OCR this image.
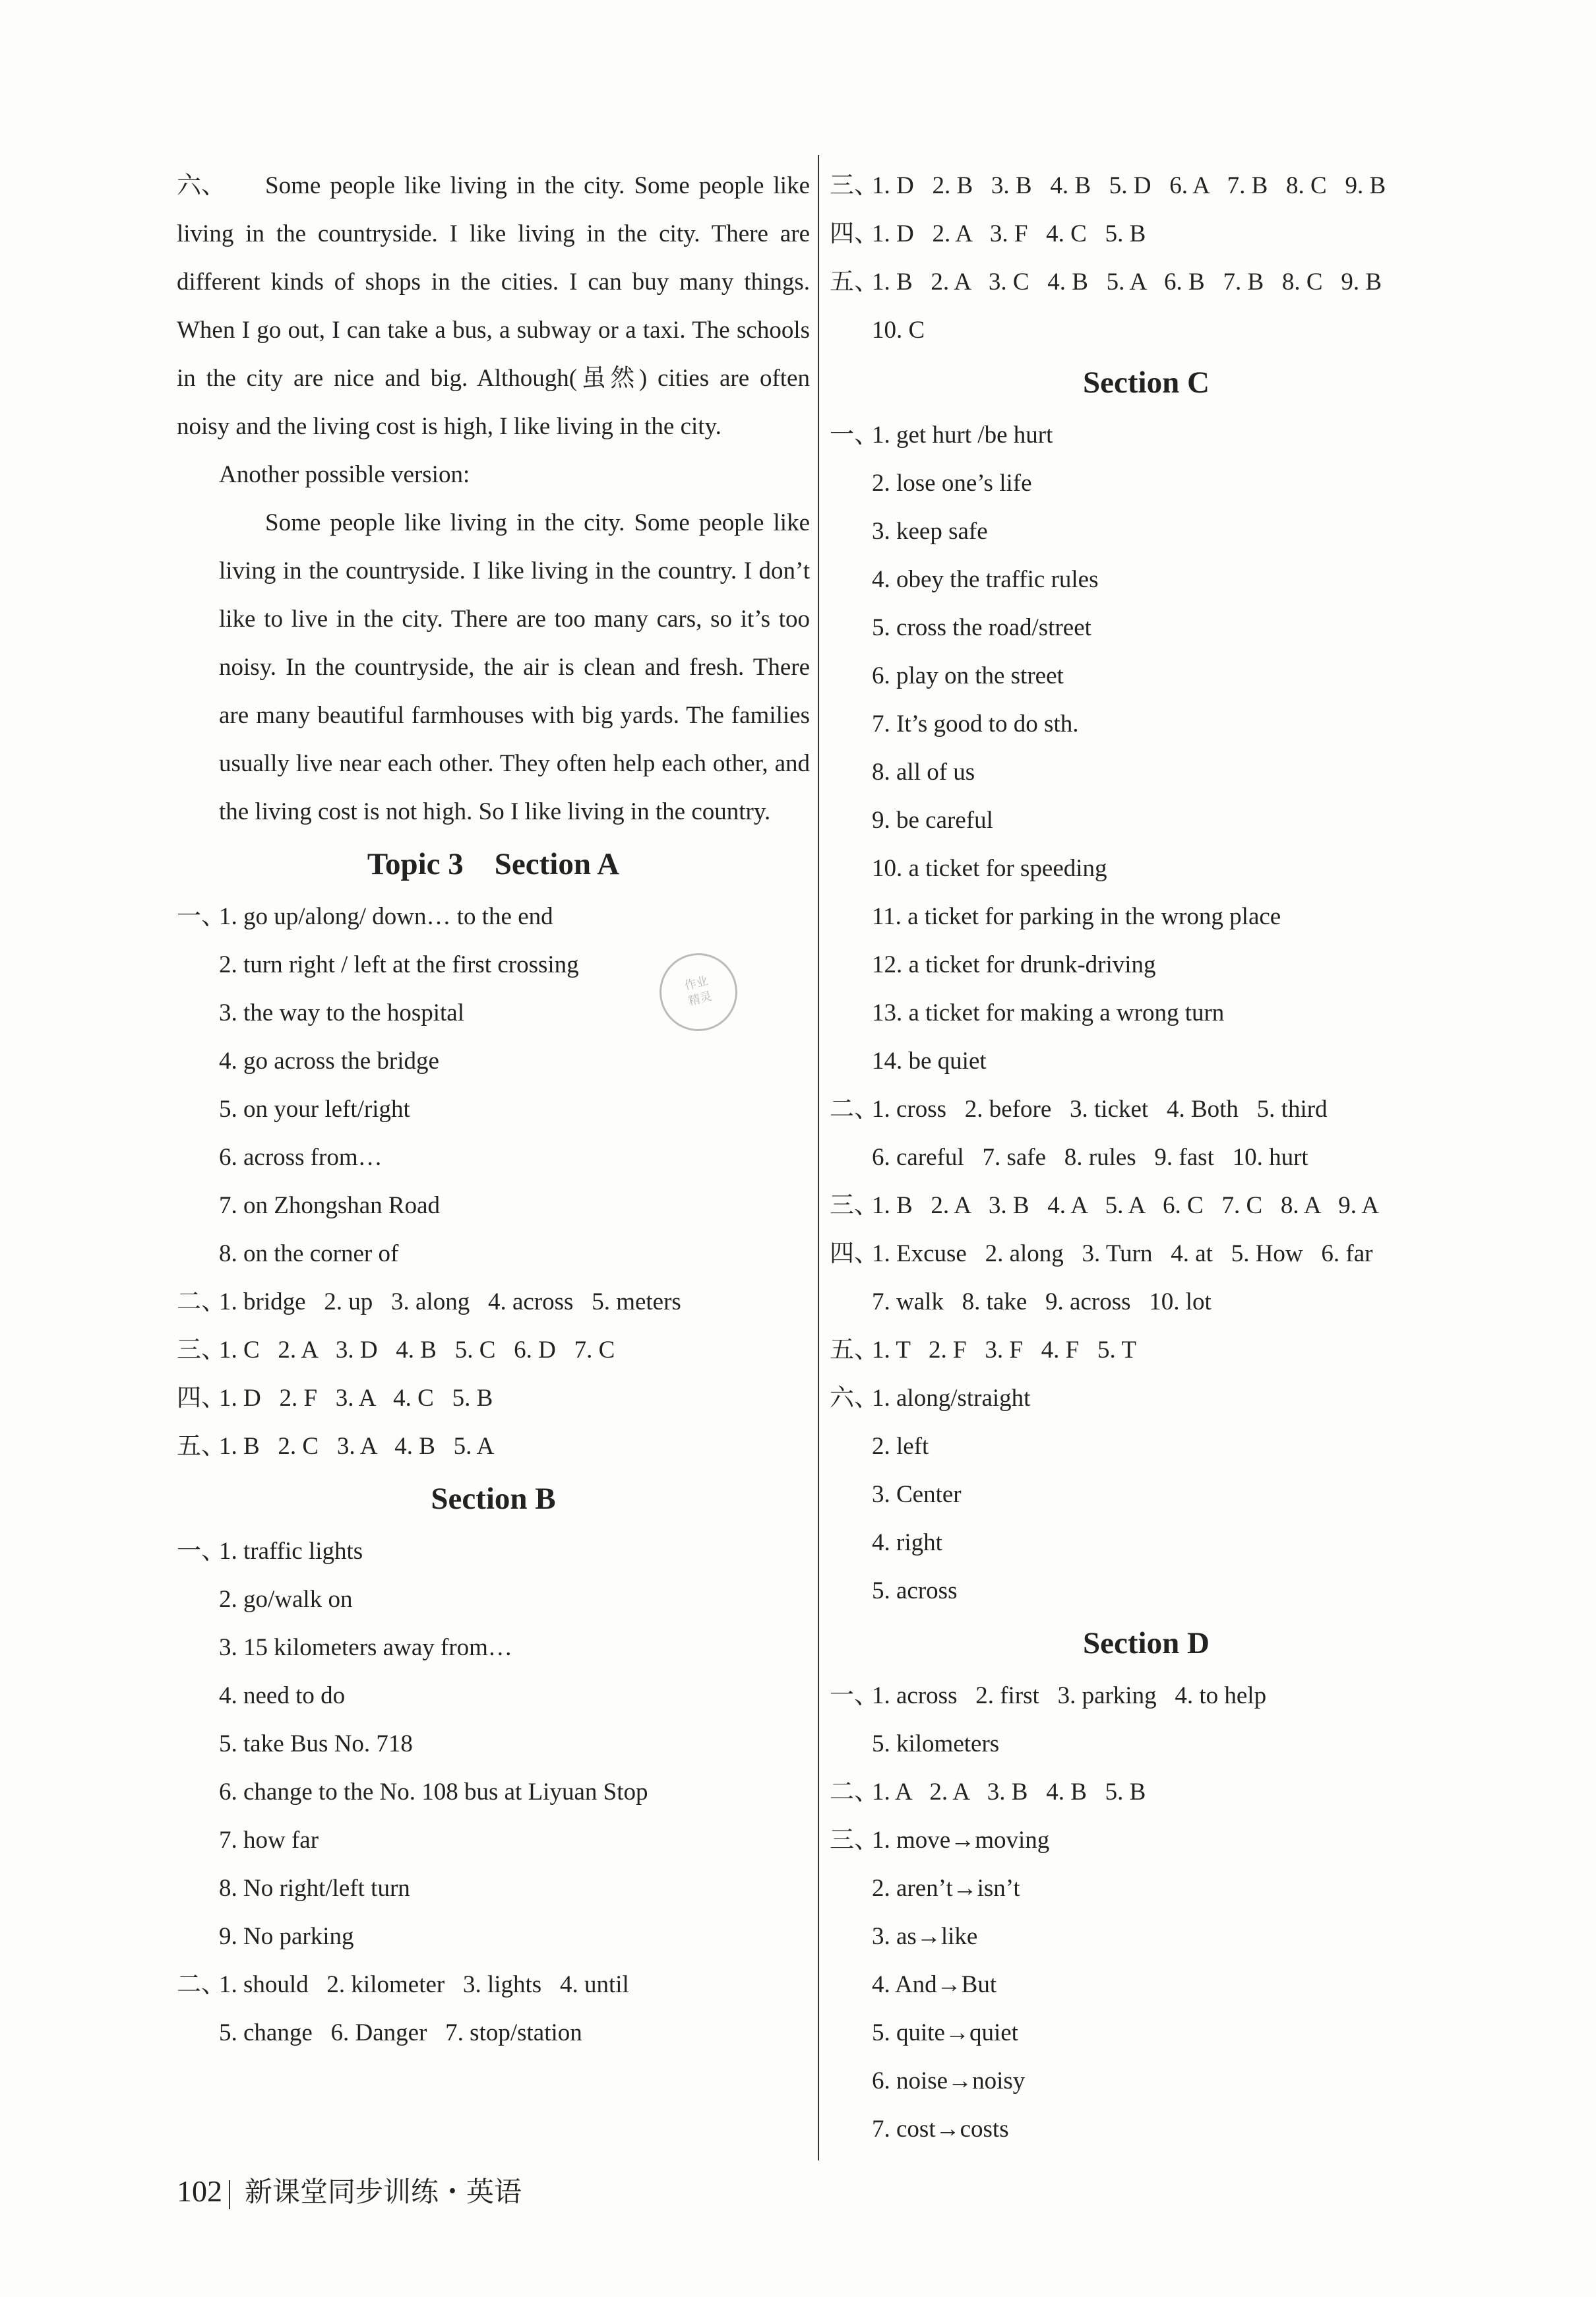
六、 Some people like living in the city. Some people like living in the countryside. I like living in the city. There are different kinds of shops in the cities. I can buy many things. When I go out, I can take a bus, a subway or a taxi. The schools in the city are nice and big. Although(虽然) cities are often noisy and the living cost is high, I like living in the city.
Another possible version:
Some people like living in the city. Some people like living in the countryside. I like living in the country. I don’t like to live in the city. There are too many cars, so it’s too noisy. In the countryside, the air is clean and fresh. There are many beautiful farmhouses with big yards. The families usually live near each other. They often help each other, and the living cost is not high. So I like living in the country.
Topic 3    Section A
一、1. go up/along/ down… to the end
2. turn right / left at the first crossing
3. the way to the hospital
4. go across the bridge
5. on your left/right
6. across from…
7. on Zhongshan Road
8. on the corner of
二、1. bridge   2. up   3. along   4. across   5. meters
三、1. C   2. A   3. D   4. B   5. C   6. D   7. C
四、1. D   2. F   3. A   4. C   5. B
五、1. B   2. C   3. A   4. B   5. A
Section B
一、1. traffic lights
2. go/walk on
3. 15 kilometers away from…
4. need to do
5. take Bus No. 718
6. change to the No. 108 bus at Liyuan Stop
7. how far
8. No right/left turn
9. No parking
二、1. should   2. kilometer   3. lights   4. until
5. change   6. Danger   7. stop/station
三、1. D   2. B   3. B   4. B   5. D   6. A   7. B   8. C   9. B
四、1. D   2. A   3. F   4. C   5. B
五、1. B   2. A   3. C   4. B   5. A   6. B   7. B   8. C   9. B
10. C
Section C
一、1. get hurt /be hurt
2. lose one’s life
3. keep safe
4. obey the traffic rules
5. cross the road/street
6. play on the street
7. It’s good to do sth.
8. all of us
9. be careful
10. a ticket for speeding
11. a ticket for parking in the wrong place
12. a ticket for drunk-driving
13. a ticket for making a wrong turn
14. be quiet
二、1. cross   2. before   3. ticket   4. Both   5. third
6. careful   7. safe   8. rules   9. fast   10. hurt
三、1. B   2. A   3. B   4. A   5. A   6. C   7. C   8. A   9. A
四、1. Excuse   2. along   3. Turn   4. at   5. How   6. far
7. walk   8. take   9. across   10. lot
五、1. T   2. F   3. F   4. F   5. T
六、1. along/straight
2. left
3. Center
4. right
5. across
Section D
一、1. across   2. first   3. parking   4. to help
5. kilometers
二、1. A   2. A   3. B   4. B   5. B
三、1. move→moving
2. aren’t→isn’t
3. as→like
4. And→But
5. quite→quiet
6. noise→noisy
7. cost→costs
作业
精灵
102 新课堂同步训练・英语
